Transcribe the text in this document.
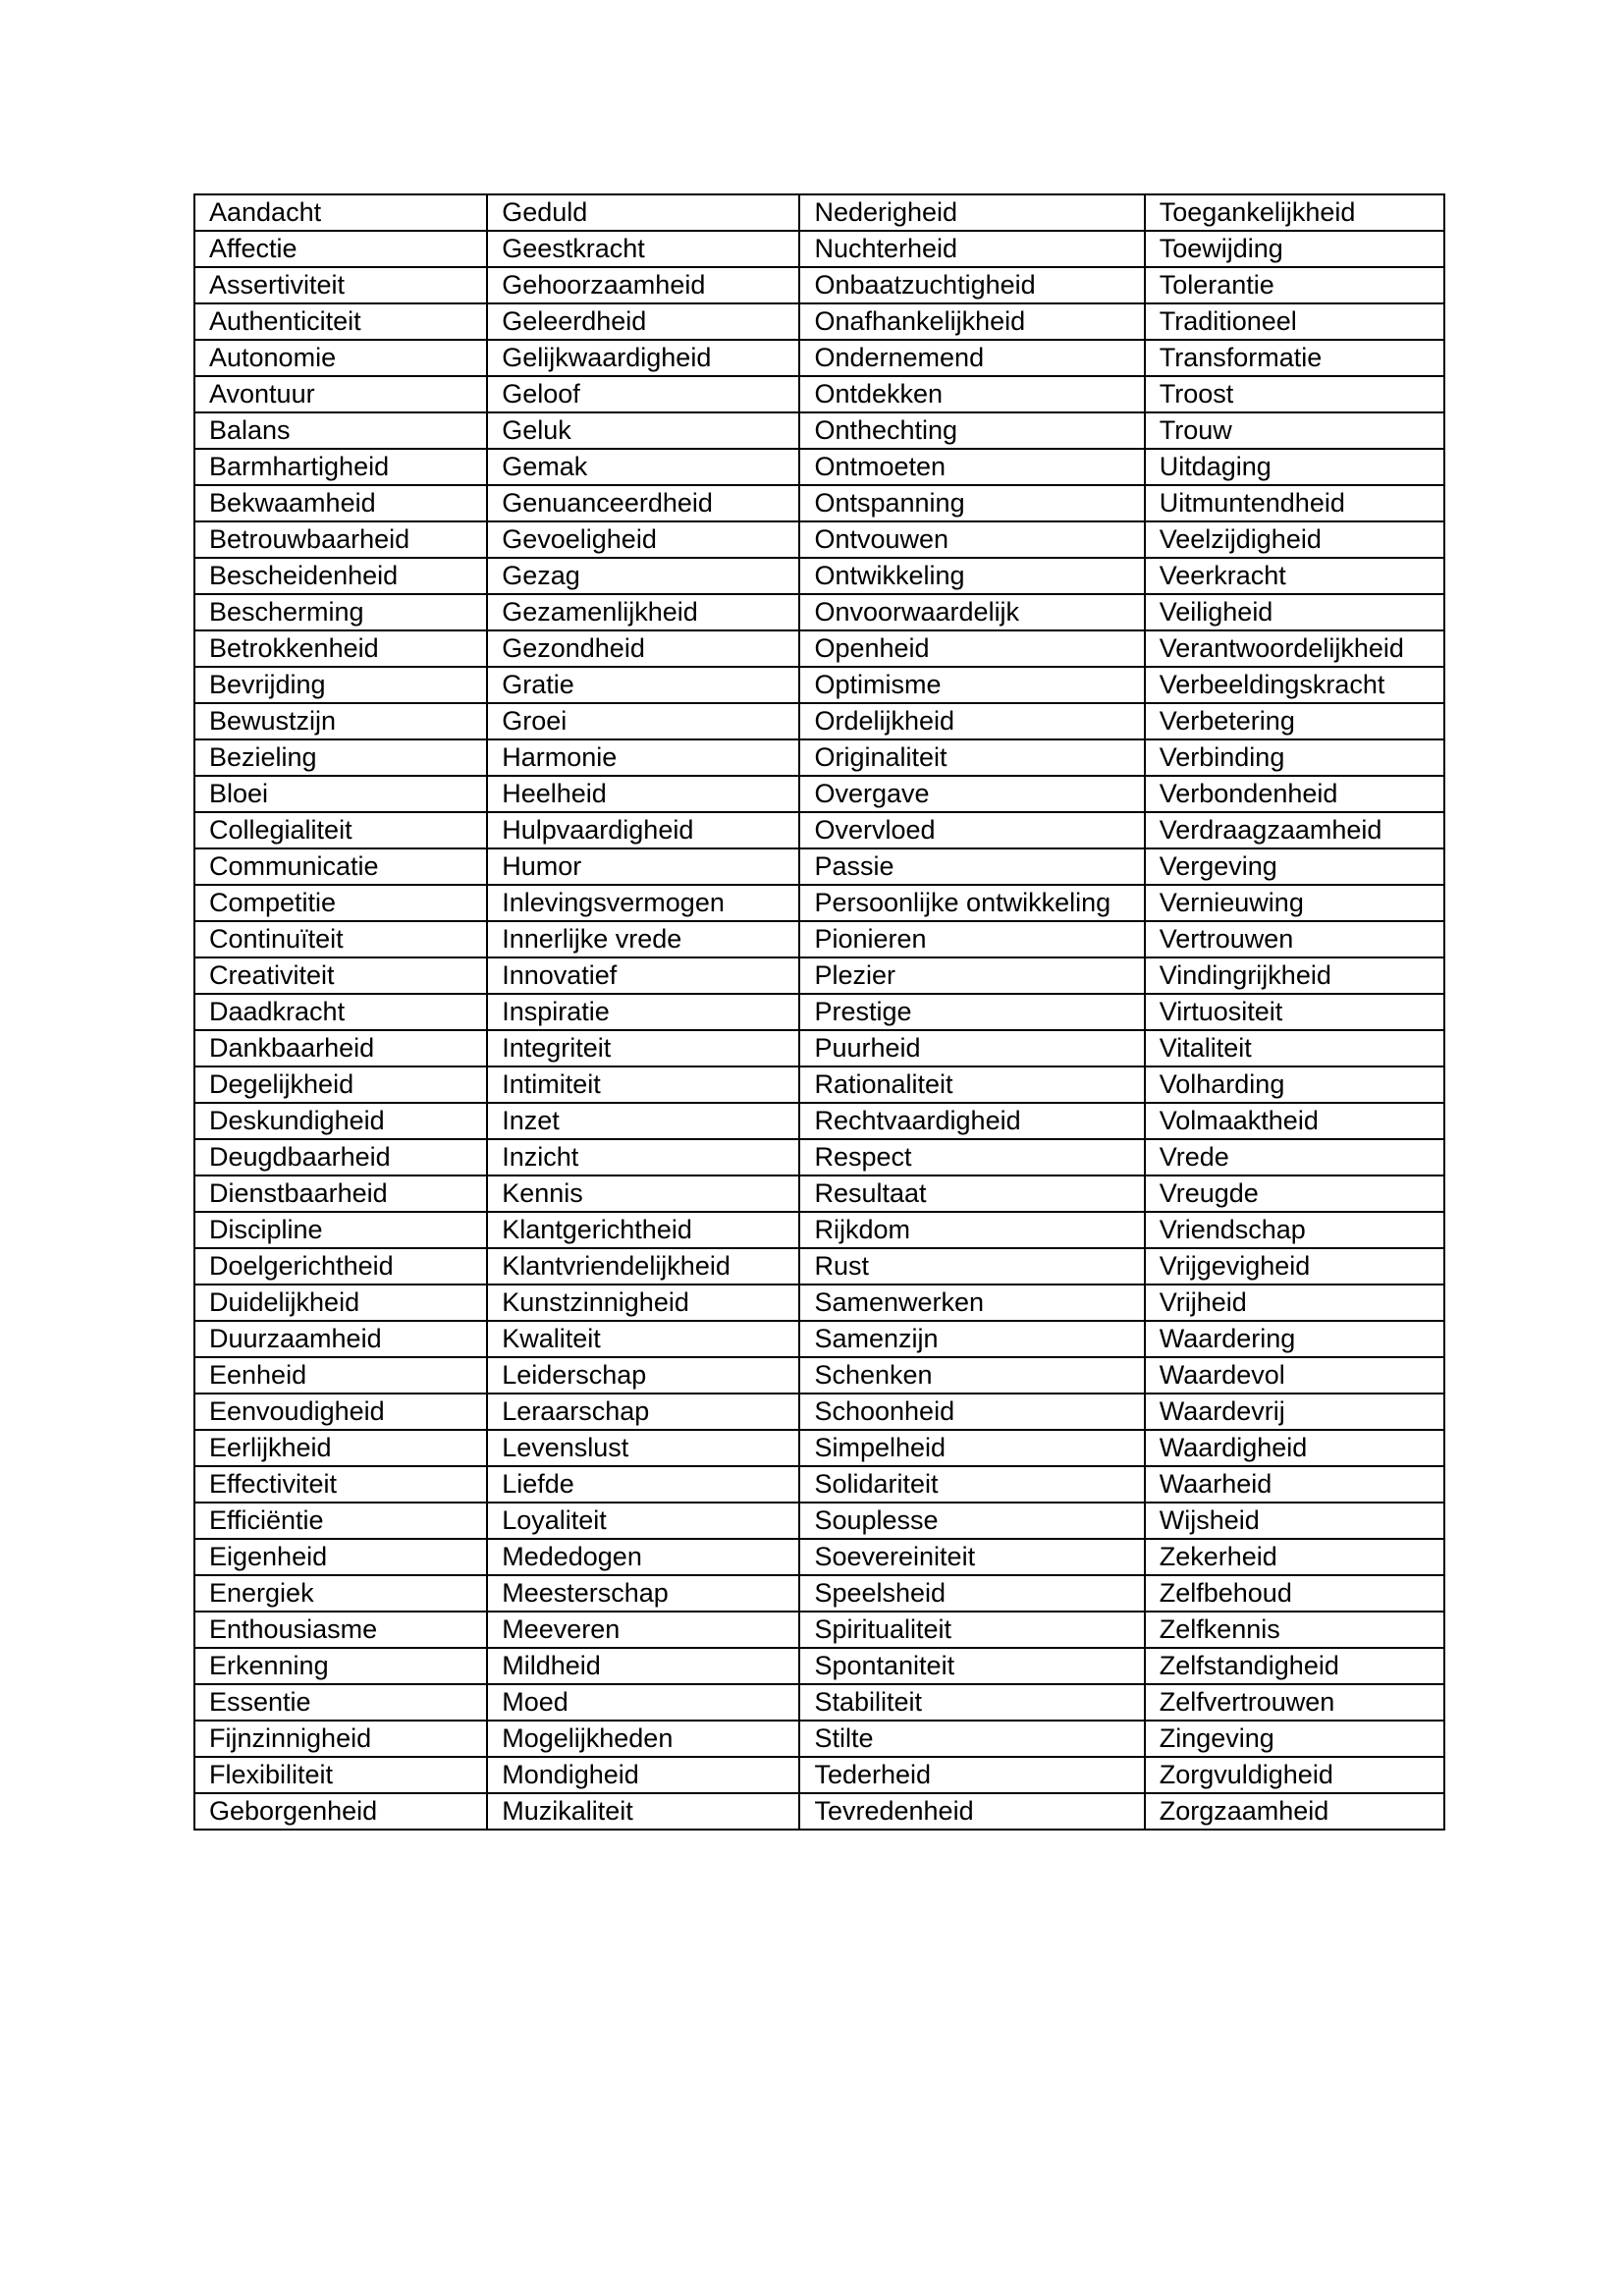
Aandacht	Geduld	Nederigheid	Toegankelijkheid
Affectie	Geestkracht	Nuchterheid	Toewijding
Assertiviteit	Gehoorzaamheid	Onbaatzuchtigheid	Tolerantie
Authenticiteit	Geleerdheid	Onafhankelijkheid	Traditioneel
Autonomie	Gelijkwaardigheid	Ondernemend	Transformatie
Avontuur	Geloof	Ontdekken	Troost
Balans	Geluk	Onthechting	Trouw
Barmhartigheid	Gemak	Ontmoeten	Uitdaging
Bekwaamheid	Genuanceerdheid	Ontspanning	Uitmuntendheid
Betrouwbaarheid	Gevoeligheid	Ontvouwen	Veelzijdigheid
Bescheidenheid	Gezag	Ontwikkeling	Veerkracht
Bescherming	Gezamenlijkheid	Onvoorwaardelijk	Veiligheid
Betrokkenheid	Gezondheid	Openheid	Verantwoordelijkheid
Bevrijding	Gratie	Optimisme	Verbeeldingskracht
Bewustzijn	Groei	Ordelijkheid	Verbetering
Bezieling	Harmonie	Originaliteit	Verbinding
Bloei	Heelheid	Overgave	Verbondenheid
Collegialiteit	Hulpvaardigheid	Overvloed	Verdraagzaamheid
Communicatie	Humor	Passie	Vergeving
Competitie	Inlevingsvermogen	Persoonlijke ontwikkeling	Vernieuwing
Continuïteit	Innerlijke vrede	Pionieren	Vertrouwen
Creativiteit	Innovatief	Plezier	Vindingrijkheid
Daadkracht	Inspiratie	Prestige	Virtuositeit
Dankbaarheid	Integriteit	Puurheid	Vitaliteit
Degelijkheid	Intimiteit	Rationaliteit	Volharding
Deskundigheid	Inzet	Rechtvaardigheid	Volmaaktheid
Deugdbaarheid	Inzicht	Respect	Vrede
Dienstbaarheid	Kennis	Resultaat	Vreugde
Discipline	Klantgerichtheid	Rijkdom	Vriendschap
Doelgerichtheid	Klantvriendelijkheid	Rust	Vrijgevigheid
Duidelijkheid	Kunstzinnigheid	Samenwerken	Vrijheid
Duurzaamheid	Kwaliteit	Samenzijn	Waardering
Eenheid	Leiderschap	Schenken	Waardevol
Eenvoudigheid	Leraarschap	Schoonheid	Waardevrij
Eerlijkheid	Levenslust	Simpelheid	Waardigheid
Effectiviteit	Liefde	Solidariteit	Waarheid
Efficiëntie	Loyaliteit	Souplesse	Wijsheid
Eigenheid	Mededogen	Soevereiniteit	Zekerheid
Energiek	Meesterschap	Speelsheid	Zelfbehoud
Enthousiasme	Meeveren	Spiritualiteit	Zelfkennis
Erkenning	Mildheid	Spontaniteit	Zelfstandigheid
Essentie	Moed	Stabiliteit	Zelfvertrouwen
Fijnzinnigheid	Mogelijkheden	Stilte	Zingeving
Flexibiliteit	Mondigheid	Tederheid	Zorgvuldigheid
Geborgenheid	Muzikaliteit	Tevredenheid	Zorgzaamheid
